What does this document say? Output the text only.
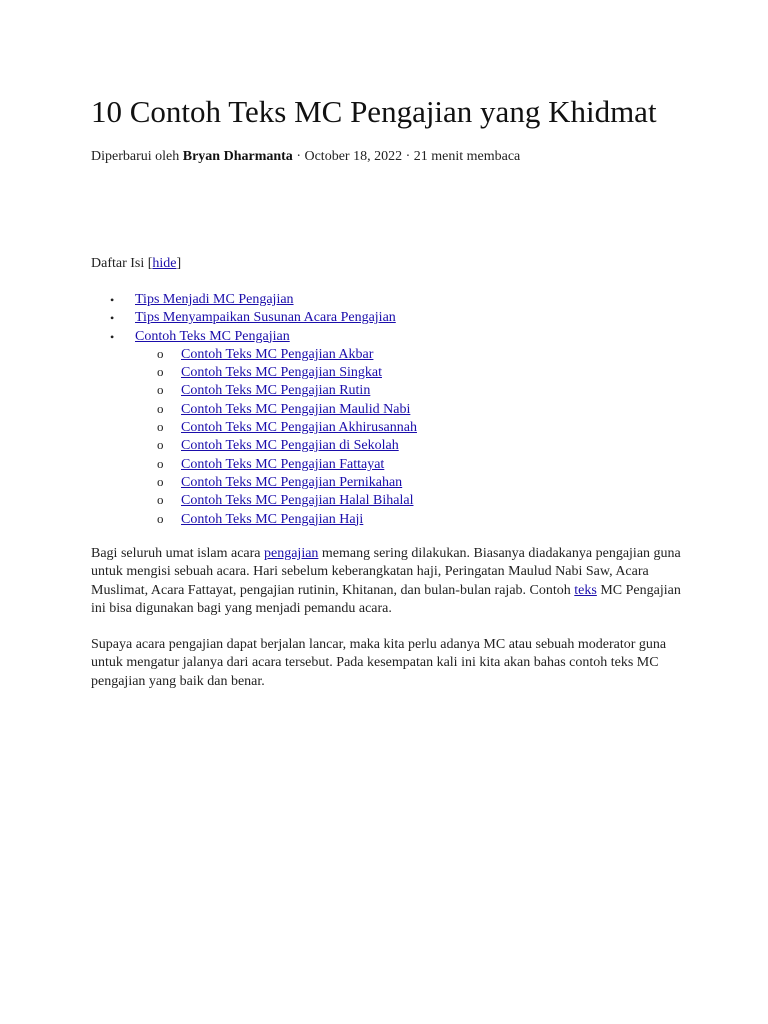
10 Contoh Teks MC Pengajian yang Khidmat
Diperbarui oleh Bryan Dharmanta · October 18, 2022 · 21 menit membaca
Daftar Isi [hide]
• Tips Menjadi MC Pengajian
• Tips Menyampaikan Susunan Acara Pengajian
• Contoh Teks MC Pengajian
o Contoh Teks MC Pengajian Akbar
o Contoh Teks MC Pengajian Singkat
o Contoh Teks MC Pengajian Rutin
o Contoh Teks MC Pengajian Maulid Nabi
o Contoh Teks MC Pengajian Akhirusannah
o Contoh Teks MC Pengajian di Sekolah
o Contoh Teks MC Pengajian Fattayat
o Contoh Teks MC Pengajian Pernikahan
o Contoh Teks MC Pengajian Halal Bihalal
o Contoh Teks MC Pengajian Haji

Bagi seluruh umat islam acara pengajian memang sering dilakukan. Biasanya diadakanya pengajian guna untuk mengisi sebuah acara. Hari sebelum keberangkatan haji, Peringatan Maulud Nabi Saw, Acara Muslimat, Acara Fattayat, pengajian rutinin, Khitanan, dan bulan-bulan rajab. Contoh teks MC Pengajian ini bisa digunakan bagi yang menjadi pemandu acara.

Supaya acara pengajian dapat berjalan lancar, maka kita perlu adanya MC atau sebuah moderator guna untuk mengatur jalanya dari acara tersebut. Pada kesempatan kali ini kita akan bahas contoh teks MC pengajian yang baik dan benar.
